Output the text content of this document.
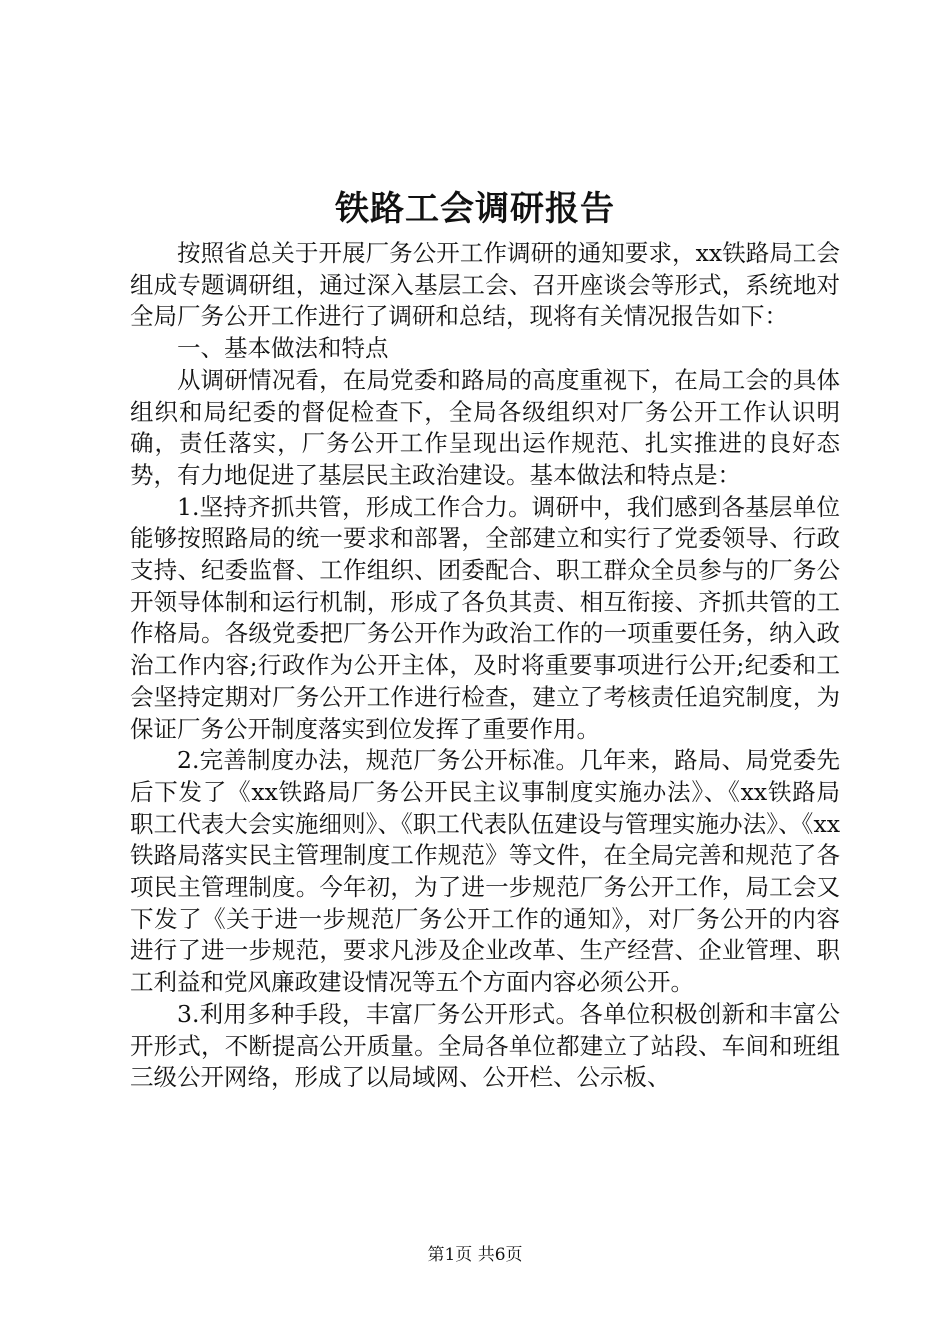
铁路工会调研报告

按照省总关于开展厂务公开工作调研的通知要求，xx铁路局工会组成专题调研组，通过深入基层工会、召开座谈会等形式，系统地对全局厂务公开工作进行了调研和总结，现将有关情况报告如下：

一、基本做法和特点

从调研情况看，在局党委和路局的高度重视下，在局工会的具体组织和局纪委的督促检查下，全局各级组织对厂务公开工作认识明确，责任落实，厂务公开工作呈现出运作规范、扎实推进的良好态势，有力地促进了基层民主政治建设。基本做法和特点是：

1.坚持齐抓共管，形成工作合力。调研中，我们感到各基层单位能够按照路局的统一要求和部署，全部建立和实行了党委领导、行政支持、纪委监督、工作组织、团委配合、职工群众全员参与的厂务公开领导体制和运行机制，形成了各负其责、相互衔接、齐抓共管的工作格局。各级党委把厂务公开作为政治工作的一项重要任务，纳入政治工作内容;行政作为公开主体，及时将重要事项进行公开;纪委和工会坚持定期对厂务公开工作进行检查，建立了考核责任追究制度，为保证厂务公开制度落实到位发挥了重要作用。

2.完善制度办法，规范厂务公开标准。几年来，路局、局党委先后下发了《xx铁路局厂务公开民主议事制度实施办法》、《xx铁路局职工代表大会实施细则》、《职工代表队伍建设与管理实施办法》、《xx铁路局落实民主管理制度工作规范》等文件，在全局完善和规范了各项民主管理制度。今年初，为了进一步规范厂务公开工作，局工会又下发了《关于进一步规范厂务公开工作的通知》，对厂务公开的内容进行了进一步规范，要求凡涉及企业改革、生产经营、企业管理、职工利益和党风廉政建设情况等五个方面内容必须公开。

3.利用多种手段，丰富厂务公开形式。各单位积极创新和丰富公开形式，不断提高公开质量。全局各单位都建立了站段、车间和班组三级公开网络，形成了以局域网、公开栏、公示板、

第1页 共6页
